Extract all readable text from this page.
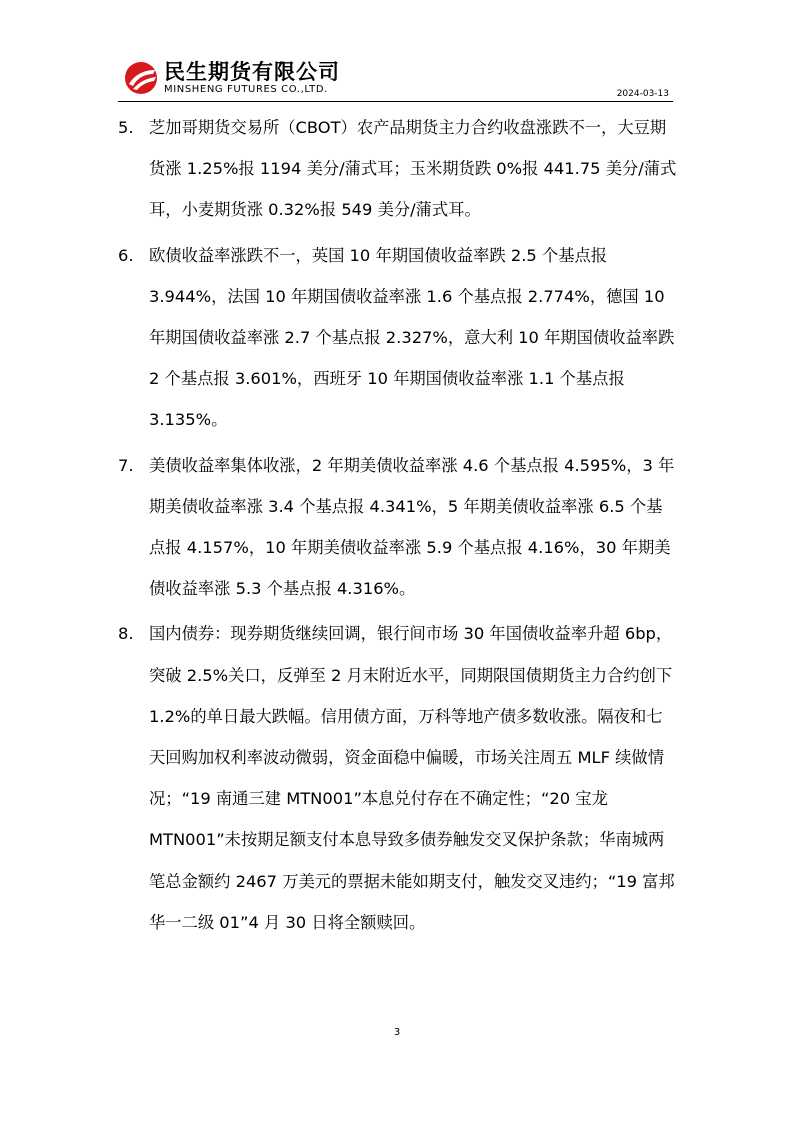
民生期货有限公司
MINSHENG FUTURES CO.,LTD.	2024-03-13
5. 芝加哥期货交易所（CBOT）农产品期货主力合约收盘涨跌不一，大豆期货涨 1.25%报 1194 美分/蒲式耳；玉米期货跌 0%报 441.75 美分/蒲式耳，小麦期货涨 0.32%报 549 美分/蒲式耳。
6. 欧债收益率涨跌不一，英国 10 年期国债收益率跌 2.5 个基点报 3.944%，法国 10 年期国债收益率涨 1.6 个基点报 2.774%，德国 10 年期国债收益率涨 2.7 个基点报 2.327%，意大利 10 年期国债收益率跌 2 个基点报 3.601%，西班牙 10 年期国债收益率涨 1.1 个基点报 3.135%。
7. 美债收益率集体收涨，2 年期美债收益率涨 4.6 个基点报 4.595%，3 年期美债收益率涨 3.4 个基点报 4.341%，5 年期美债收益率涨 6.5 个基点报 4.157%，10 年期美债收益率涨 5.9 个基点报 4.16%，30 年期美债收益率涨 5.3 个基点报 4.316%。
8. 国内债券：现券期货继续回调，银行间市场 30 年国债收益率升超 6bp，突破 2.5%关口，反弹至 2 月末附近水平，同期限国债期货主力合约创下 1.2%的单日最大跌幅。信用债方面，万科等地产债多数收涨。隔夜和七天回购加权利率波动微弱，资金面稳中偏暖，市场关注周五 MLF 续做情况；“19 南通三建 MTN001”本息兑付存在不确定性；“20 宝龙 MTN001”未按期足额支付本息导致多债券触发交叉保护条款；华南城两笔总金额约 2467 万美元的票据未能如期支付，触发交叉违约；“19 富邦华一二级 01”4 月 30 日将全额赎回。
3
